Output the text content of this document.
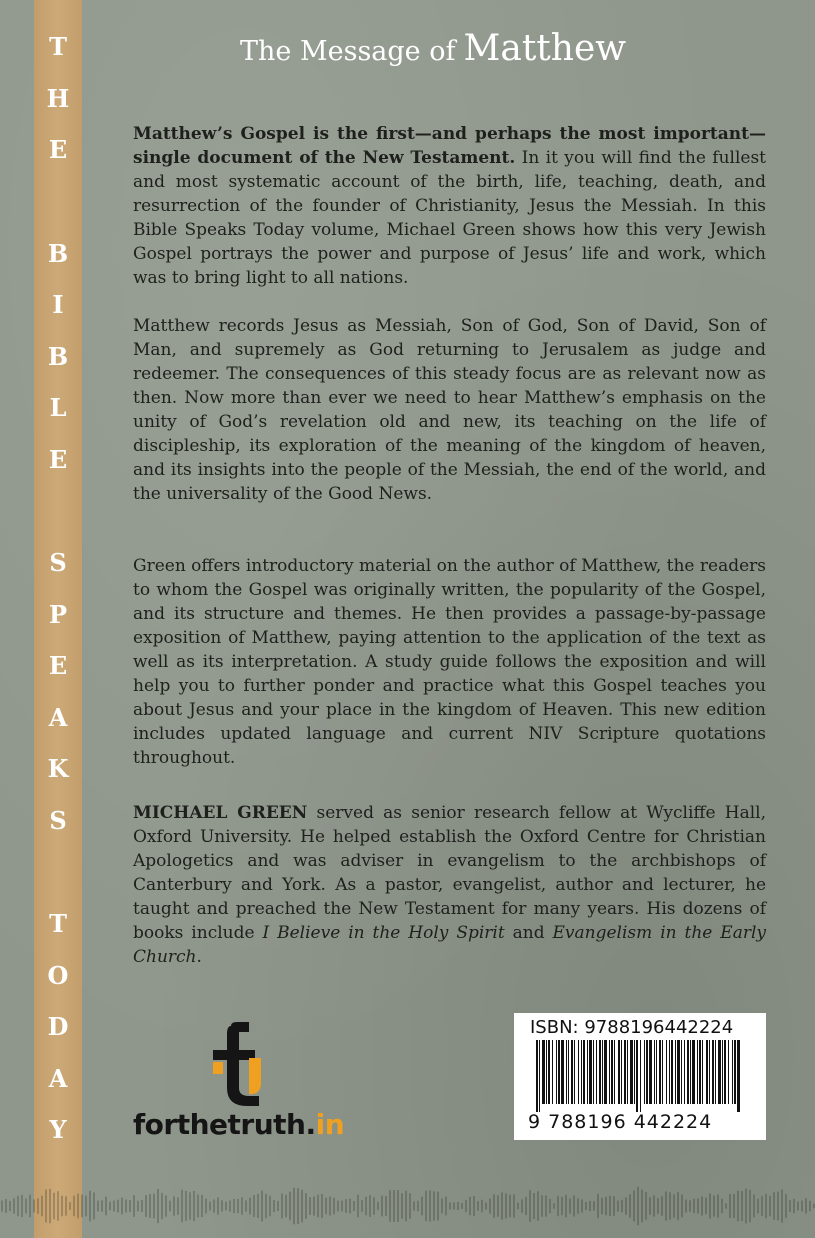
T
H
E
B
I
B
L
E
S
P
E
A
K
S
T
O
D
A
Y
The Message of Matthew
Matthew’s Gospel is the first—and perhaps the most important—single document of the New Testament. In it you will find the fullest and most systematic account of the birth, life, teaching, death, and resurrection of the founder of Christianity, Jesus the Messiah. In this Bible Speaks Today volume, Michael Green shows how this very Jewish Gospel portrays the power and purpose of Jesus’ life and work, which was to bring light to all nations.
Matthew records Jesus as Messiah, Son of God, Son of David, Son of Man, and supremely as God returning to Jerusalem as judge and redeemer. The consequences of this steady focus are as relevant now as then. Now more than ever we need to hear Matthew’s emphasis on the unity of God’s revelation old and new, its teaching on the life of discipleship, its exploration of the meaning of the kingdom of heaven, and its insights into the people of the Messiah, the end of the world, and the universality of the Good News.
Green offers introductory material on the author of Matthew, the readers to whom the Gospel was originally written, the popularity of the Gospel, and its structure and themes. He then provides a passage-by-passage exposition of Matthew, paying attention to the application of the text as well as its interpretation. A study guide follows the exposition and will help you to further ponder and practice what this Gospel teaches you about Jesus and your place in the kingdom of Heaven. This new edition includes updated language and current NIV Scripture quotations throughout.
MICHAEL GREEN served as senior research fellow at Wycliffe Hall, Oxford University. He helped establish the Oxford Centre for Christian Apologetics and was adviser in evangelism to the archbishops of Canterbury and York. As a pastor, evangelist, author and lecturer, he taught and preached the New Testament for many years. His dozens of books include I Believe in the Holy Spirit and Evangelism in the Early Church.
forthetruth.in
ISBN: 9788196442224
9 788196 442224
